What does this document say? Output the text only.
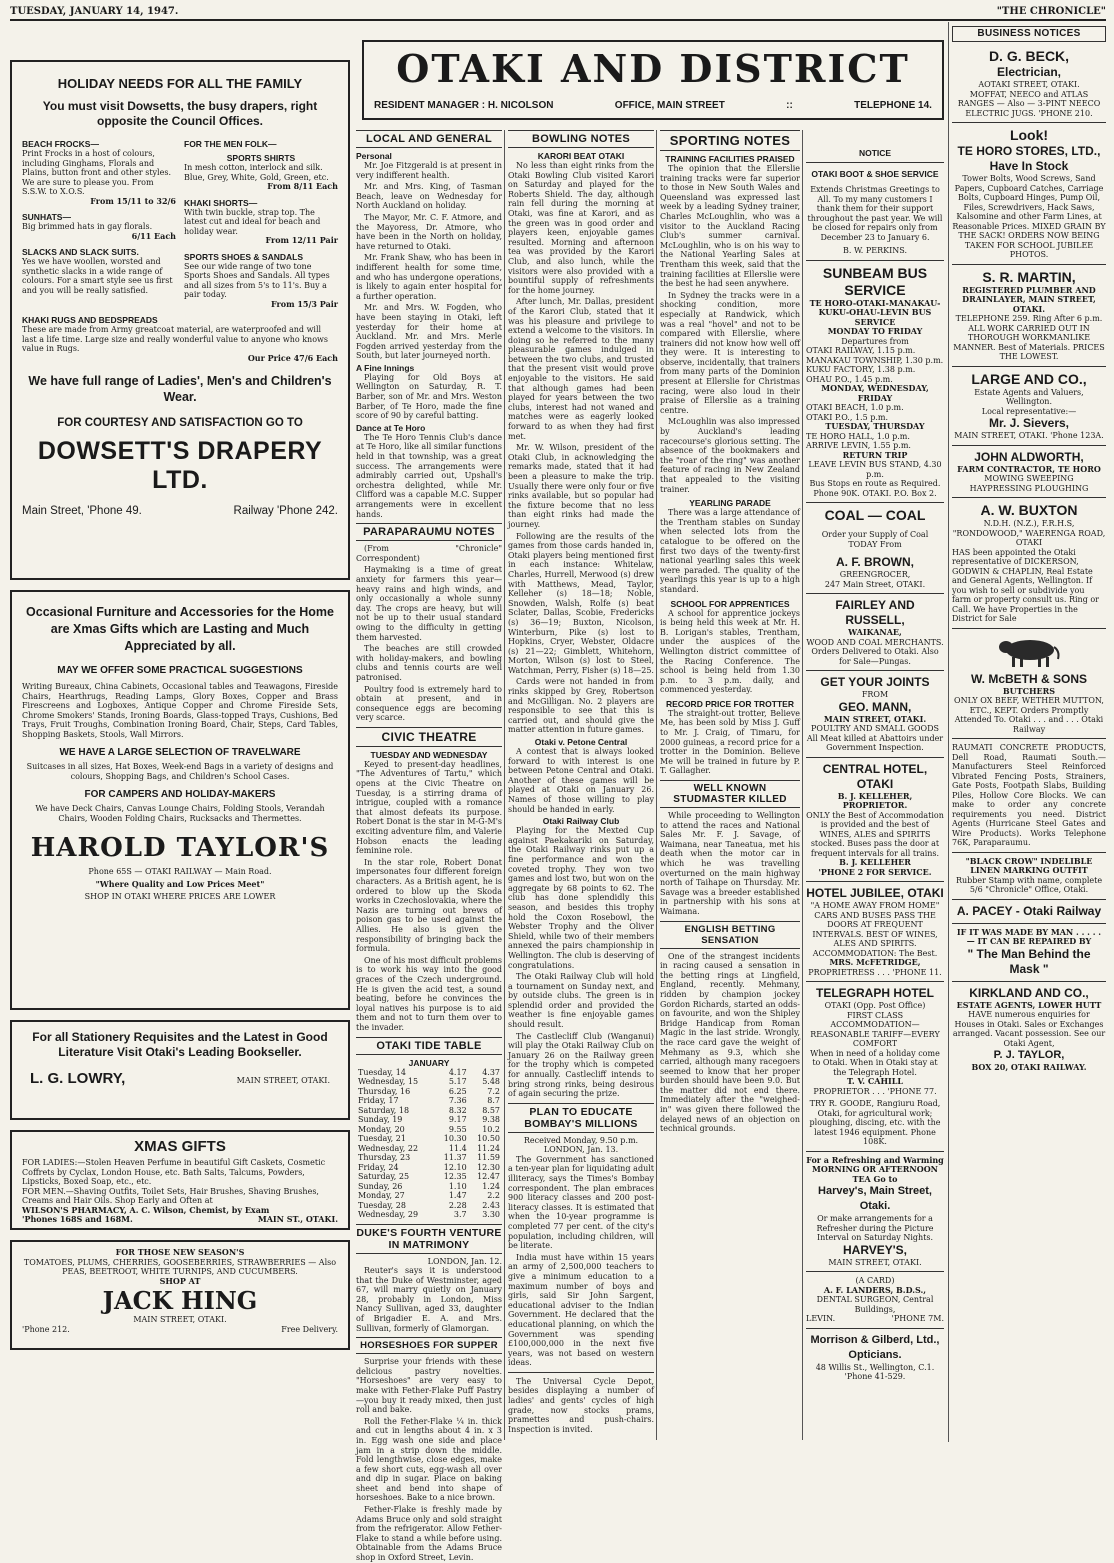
TUESDAY, JANUARY 14, 1947.	"THE CHRONICLE"
HOLIDAY NEEDS FOR ALL THE FAMILY
You must visit Dowsetts, the busy drapers, right opposite the Council Offices.
BEACH FROCKS—
Print Frocks in a host of colours, including Ginghams, Florals and Plains, button front and other styles. We are sure to please you. From S.S.W. to X.O.S.
From 15/11 to 32/6
SUNHATS—
Big brimmed hats in gay florals.
6/11 Each
SLACKS AND SLACK SUITS.
Yes we have woollen, worsted and synthetic slacks in a wide range of colours. For a smart style see us first and you will be really satisfied.
FOR THE MEN FOLK—
SPORTS SHIRTS
In mesh cotton, interlock and silk. Blue, Grey, White, Gold, Green, etc.
From 8/11 Each
KHAKI SHORTS—
With twin buckle, strap top. The latest cut and ideal for beach and holiday wear.
From 12/11 Pair
SPORTS SHOES & SANDALS
See our wide range of two tone Sports Shoes and Sandals. All types and all sizes from 5's to 11's. Buy a pair today.
From 15/3 Pair
KHAKI RUGS AND BEDSPREADS
These are made from Army greatcoat material, are waterproofed and will last a life time. Large size and really wonderful value to anyone who knows value in Rugs.
Our Price 47/6 Each
We have full range of Ladies', Men's and Children's Wear.
FOR COURTESY AND SATISFACTION GO TO
DOWSETT'S DRAPERY LTD.
Main Street, 'Phone 49.	Railway 'Phone 242.
Occasional Furniture and Accessories for the Home are Xmas Gifts which are Lasting and Much Appreciated by all.
MAY WE OFFER SOME PRACTICAL SUGGESTIONS
Writing Bureaux, China Cabinets, Occasional tables and Teawagons, Fireside Chairs, Hearthrugs, Reading Lamps, Glory Boxes, Copper and Brass Firescreens and Logboxes, Antique Copper and Chrome Fireside Sets, Chrome Smokers' Stands, Ironing Boards, Glass-topped Trays, Cushions, Bed Trays, Fruit Troughs, Combination Ironing Board, Chair, Steps, Card Tables, Shopping Baskets, Stools, Wall Mirrors.
WE HAVE A LARGE SELECTION OF TRAVELWARE
Suitcases in all sizes, Hat Boxes, Week-end Bags in a variety of designs and colours, Shopping Bags, and Children's School Cases.
FOR CAMPERS AND HOLIDAY-MAKERS
We have Deck Chairs, Canvas Lounge Chairs, Folding Stools, Verandah Chairs, Wooden Folding Chairs, Rucksacks and Thermettes.
HAROLD TAYLOR'S
Phone 65S — OTAKI RAILWAY — Main Road.
"Where Quality and Low Prices Meet"
SHOP IN OTAKI WHERE PRICES ARE LOWER
For all Stationery Requisites and the Latest in Good Literature Visit Otaki's Leading Bookseller.
L. G. LOWRY,	MAIN STREET, OTAKI.
XMAS GIFTS
FOR LADIES:—Stolen Heaven Perfume in beautiful Gift Caskets, Cosmetic Coffrets by Cyclax, London House, etc. Bath Salts, Talcums, Powders, Lipsticks, Boxed Soap, etc., etc.
FOR MEN.—Shaving Outfits, Toilet Sets, Hair Brushes, Shaving Brushes, Creams and Hair Oils. Shop Early and Often at
WILSON'S PHARMACY, A. C. Wilson, Chemist, by Exam
'Phones 168S and 168M.	MAIN ST., OTAKI.
FOR THOSE NEW SEASON'S
TOMATOES, PLUMS, CHERRIES, GOOSEBERRIES, STRAWBERRIES — Also
PEAS, BEETROOT, WHITE TURNIPS, AND CUCUMBERS.
SHOP AT
JACK HING
MAIN STREET, OTAKI.
'Phone 212.	Free Delivery.
OTAKI AND DISTRICT
RESIDENT MANAGER : H. NICOLSON	OFFICE, MAIN STREET	::	TELEPHONE 14.
LOCAL AND GENERAL
Personal
Mr. Joe Fitzgerald is at present in very indifferent health.
Mr. and Mrs. King, of Tasman Beach, leave on Wednesday for North Auckland on holiday.
The Mayor, Mr. C. F. Atmore, and the Mayoress, Dr. Atmore, who have been in the North on holiday, have returned to Otaki.
Mr. Frank Shaw, who has been in indifferent health for some time, and who has undergone operations, is likely to again enter hospital for a further operation.
Mr. and Mrs. W. Fogden, who have been staying in Otaki, left yesterday for their home at Auckland. Mr. and Mrs. Merle Fogden arrived yesterday from the South, but later journeyed north.
A Fine Innings
Playing for Old Boys at Wellington on Saturday, R. T. Barber, son of Mr. and Mrs. Weston Barber, of Te Horo, made the fine score of 90 by careful batting.
Dance at Te Horo
The Te Horo Tennis Club's dance at Te Horo, like all similar functions held in that township, was a great success. The arrangements were admirably carried out, Upshall's orchestra delighted, while Mr. Clifford was a capable M.C. Supper arrangements were in excellent hands.
PARAPARAUMU NOTES
(From "Chronicle" Correspondent)
Haymaking is a time of great anxiety for farmers this year—heavy rains and high winds, and only occasionally a whole sunny day. The crops are heavy, but will not be up to their usual standard owing to the difficulty in getting them harvested.
The beaches are still crowded with holiday-makers, and bowling clubs and tennis courts are well patronised.
Poultry food is extremely hard to obtain at present, and in consequence eggs are becoming very scarce.
CIVIC THEATRE
TUESDAY AND WEDNESDAY
Keyed to present-day headlines, "The Adventures of Tartu," which opens at the Civic Theatre on Tuesday, is a stirring drama of intrigue, coupled with a romance that almost defeats its purpose. Robert Donat is the star in M-G-M's exciting adventure film, and Valerie Hobson enacts the leading feminine role.
In the star role, Robert Donat impersonates four different foreign characters. As a British agent, he is ordered to blow up the Skoda works in Czechoslovakia, where the Nazis are turning out brews of poison gas to be used against the Allies. He also is given the responsibility of bringing back the formula.
One of his most difficult problems is to work his way into the good graces of the Czech underground. He is given the acid test, a sound beating, before he convinces the loyal natives his purpose is to aid them and not to turn them over to the invader.
OTAKI TIDE TABLE
JANUARY
Tuesday, 14	4.17	4.37
Wednesday, 15	5.17	5.48
Thursday, 16	6.25	7.2
Friday, 17	7.36	8.7
Saturday, 18	8.32	8.57
Sunday, 19	9.17	9.38
Monday, 20	9.55	10.2
Tuesday, 21	10.30	10.50
Wednesday, 22	11.4	11.24
Thursday, 23	11.37	11.59
Friday, 24	12.10	12.30
Saturday, 25	12.35	12.47
Sunday, 26	1.10	1.24
Monday, 27	1.47	2.2
Tuesday, 28	2.28	2.43
Wednesday, 29	3.7	3.30
DUKE'S FOURTH VENTURE IN MATRIMONY
LONDON, Jan. 12.
Reuter's says it is understood that the Duke of Westminster, aged 67, will marry quietly on January 28, probably in London, Miss Nancy Sullivan, aged 33, daughter of Brigadier E. A. and Mrs. Sullivan, formerly of Glamorgan.
HORSESHOES FOR SUPPER
Surprise your friends with these delicious pastry novelties. "Horseshoes" are very easy to make with Fether-Flake Puff Pastry—you buy it ready mixed, then just roll and bake.
Roll the Fether-Flake ¼ in. thick and cut in lengths about 4 in. x 3 in. Egg wash one side and place jam in a strip down the middle. Fold lengthwise, close edges, make a few short cuts, egg-wash all over and dip in sugar. Place on baking sheet and bend into shape of horseshoes. Bake to a nice brown.
Fether-Flake is freshly made by Adams Bruce only and sold straight from the refrigerator. Allow Fether-Flake to stand a while before using. Obtainable from the Adams Bruce shop in Oxford Street, Levin.
BOWLING NOTES
KARORI BEAT OTAKI
No less than eight rinks from the Otaki Bowling Club visited Karori on Saturday and played for the Roberts Shield. The day, although rain fell during the morning at Otaki, was fine at Karori, and as the green was in good order and players keen, enjoyable games resulted. Morning and afternoon tea was provided by the Karori Club, and also lunch, while the visitors were also provided with a bountiful supply of refreshments for the home journey.
After lunch, Mr. Dallas, president of the Karori Club, stated that it was his pleasure and privilege to extend a welcome to the visitors. In doing so he referred to the many pleasurable games indulged in between the two clubs, and trusted that the present visit would prove enjoyable to the visitors. He said that although games had been played for years between the two clubs, interest had not waned and matches were as eagerly looked forward to as when they had first met.
Mr. W. Wilson, president of the Otaki Club, in acknowledging the remarks made, stated that it had been a pleasure to make the trip. Usually there were only four or five rinks available, but so popular had the fixture become that no less than eight rinks had made the journey.
Following are the results of the games from those cards handed in, Otaki players being mentioned first in each instance: Whitelaw, Charles, Hurrell, Merwood (s) drew with Matthews, Mead, Taylor, Kelleher (s) 18—18; Noble, Snowden, Walsh, Rolfe (s) beat Sclater, Dallas, Scobie, Fredericks (s) 36—19; Buxton, Nicolson, Winterburn, Pike (s) lost to Hopkins, Cryer, Webster, Oldacre (s) 21—22; Gimblett, Whitehorn, Morton, Wilson (s) lost to Steel, Watchman, Perry, Fisher (s) 18—25.
Cards were not handed in from rinks skipped by Grey, Robertson and McGilligan. No. 2 players are responsible to see that this is carried out, and should give the matter attention in future games.
Otaki v. Petone Central
A contest that is always looked forward to with interest is one between Petone Central and Otaki. Another of these games will be played at Otaki on January 26. Names of those willing to play should be handed in early.
Otaki Railway Club
Playing for the Mexted Cup against Paekakariki on Saturday, the Otaki Railway rinks put up a fine performance and won the coveted trophy. They won two games and lost two, but won on the aggregate by 68 points to 62. The club has done splendidly this season, and besides this trophy hold the Coxon Rosebowl, the Webster Trophy and the Oliver Shield, while two of their members annexed the pairs championship in Wellington. The club is deserving of congratulations.
The Otaki Railway Club will hold a tournament on Sunday next, and by outside clubs. The green is in splendid order and provided the weather is fine enjoyable games should result.
The Castlecliff Club (Wanganui) will play the Otaki Railway Club on January 26 on the Railway green for the trophy which is competed for annually. Castlecliff intends to bring strong rinks, being desirous of again securing the prize.
PLAN TO EDUCATE BOMBAY'S MILLIONS
Received Monday, 9.50 p.m. LONDON, Jan. 13.
The Government has sanctioned a ten-year plan for liquidating adult illiteracy, says the Times's Bombay correspondent. The plan embraces 900 literacy classes and 200 post-literacy classes. It is estimated that when the 10-year programme is completed 77 per cent. of the city's population, including children, will be literate.
India must have within 15 years an army of 2,500,000 teachers to give a minimum education to a maximum number of boys and girls, said Sir John Sargent, educational adviser to the Indian Government. He declared that the educational planning, on which the Government was spending £100,000,000 in the next five years, was not based on western ideas.
The Universal Cycle Depot, besides displaying a number of ladies' and gents' cycles of high grade, now stocks prams, pramettes and push-chairs. Inspection is invited.
SPORTING NOTES
TRAINING FACILITIES PRAISED
The opinion that the Ellerslie training tracks were far superior to those in New South Wales and Queensland was expressed last week by a leading Sydney trainer, Charles McLoughlin, who was a visitor to the Auckland Racing Club's summer carnival. McLoughlin, who is on his way to the National Yearling Sales at Trentham this week, said that the training facilities at Ellerslie were the best he had seen anywhere.
In Sydney the tracks were in a shocking condition, more especially at Randwick, which was a real "hovel" and not to be compared with Ellerslie, where trainers did not know how well off they were. It is interesting to observe, incidentally, that trainers from many parts of the Dominion present at Ellerslie for Christmas racing, were also loud in their praise of Ellerslie as a training centre.
McLoughlin was also impressed by Auckland's leading racecourse's glorious setting. The absence of the bookmakers and the "roar of the ring" was another feature of racing in New Zealand that appealed to the visiting trainer.
YEARLING PARADE
There was a large attendance of the Trentham stables on Sunday when selected lots from the catalogue to be offered on the first two days of the twenty-first national yearling sales this week were paraded. The quality of the yearlings this year is up to a high standard.
SCHOOL FOR APPRENTICES
A school for apprentice jockeys is being held this week at Mr. H. B. Lorigan's stables, Trentham, under the auspices of the Wellington district committee of the Racing Conference. The school is being held from 1.30 p.m. to 3 p.m. daily, and commenced yesterday.
RECORD PRICE FOR TROTTER
The straight-out trotter, Believe Me, has been sold by Miss J. Guff to Mr. J. Craig, of Timaru, for 2000 guineas, a record price for a trotter in the Dominion. Believe Me will be trained in future by P. T. Gallagher.
WELL KNOWN STUDMASTER KILLED
While proceeding to Wellington to attend the races and National Sales Mr. F. J. Savage, of Waimana, near Taneatua, met his death when the motor car in which he was travelling overturned on the main highway north of Taihape on Thursday. Mr. Savage was a breeder established in partnership with his sons at Waimana.
ENGLISH BETTING SENSATION
One of the strangest incidents in racing caused a sensation in the betting rings at Lingfield, England, recently. Mehmany, ridden by champion jockey Gordon Richards, started an odds-on favourite, and won the Shipley Bridge Handicap from Roman Magic in the last stride. Wrongly, the race card gave the weight of Mehmany as 9.3, which she carried, although many racegoers seemed to know that her proper burden should have been 9.0. But the matter did not end there. Immediately after the "weighed-in" was given there followed the delayed news of an objection on technical grounds.
NOTICE
OTAKI BOOT & SHOE SERVICE
Extends Christmas Greetings to All. To my many customers I thank them for their support throughout the past year. We will be closed for repairs only from December 23 to January 6.
B. W. PERKINS.
SUNBEAM BUS SERVICE
TE HORO-OTAKI-MANAKAU-KUKU-OHAU-LEVIN BUS SERVICE
MONDAY TO FRIDAY
Departures from
OTAKI RAILWAY, 1.15 p.m.
MANAKAU TOWNSHIP, 1.30 p.m.
KUKU FACTORY, 1.38 p.m.
OHAU P.O., 1.45 p.m.
MONDAY, WEDNESDAY, FRIDAY
OTAKI BEACH, 1.0 p.m.
OTAKI P.O., 1.5 p.m.
TUESDAY, THURSDAY
TE HORO HALL, 1.0 p.m.
ARRIVE LEVIN, 1.55 p.m.
RETURN TRIP
LEAVE LEVIN BUS STAND, 4.30 p.m.
Bus Stops en route as Required.
Phone 90K. OTAKI. P.O. Box 2.
COAL — COAL
Order your Supply of Coal TODAY From
A. F. BROWN,
GREENGROCER,
247 Main Street, OTAKI.
FAIRLEY AND RUSSELL,
WAIKANAE,
WOOD AND COAL MERCHANTS. Orders Delivered to Otaki. Also for Sale—Pungas.
GET YOUR JOINTS
FROM
GEO. MANN,
MAIN STREET, OTAKI.
POULTRY AND SMALL GOODS
All Meat killed at Abattoirs under Government Inspection.
CENTRAL HOTEL, OTAKI
B. J. KELLEHER, PROPRIETOR.
ONLY the Best of Accommodation is provided and the best of WINES, ALES and SPIRITS stocked. Buses pass the door at frequent intervals for all trains.
B. J. KELLEHER
'PHONE 2 FOR SERVICE.
HOTEL JUBILEE, OTAKI
"A HOME AWAY FROM HOME"
CARS AND BUSES PASS THE DOORS AT FREQUENT INTERVALS. BEST OF WINES, ALES AND SPIRITS.
ACCOMMODATION: The Best.
MRS. McFETRIDGE,
PROPRIETRESS . . . 'PHONE 11.
TELEGRAPH HOTEL
OTAKI (Opp. Post Office)
FIRST CLASS ACCOMMODATION—REASONABLE TARIFF—EVERY COMFORT
When in need of a holiday come to Otaki. When in Otaki stay at the Telegraph Hotel.
T. V. CAHILL
PROPRIETOR . . . 'PHONE 77.
TRY R. GOODE, Rangiuru Road, Otaki, for agricultural work; ploughing, discing, etc. with the latest 1946 equipment. Phone 108K.
For a Refreshing and Warming MORNING OR AFTERNOON TEA Go to
Harvey's, Main Street, Otaki.
Or make arrangements for a Refresher during the Picture Interval on Saturday Nights.
HARVEY'S,
MAIN STREET, OTAKI.
(A CARD)
A. F. LANDERS, B.D.S.,
DENTAL SURGEON, Central Buildings,
LEVIN.	'PHONE 7M.
Morrison & Gilberd, Ltd., Opticians.
48 Willis St., Wellington, C.1.
'Phone 41-529.
BUSINESS NOTICES
D. G. BECK,
Electrician,
AOTAKI STREET, OTAKI.
MOFFAT, NEECO and ATLAS RANGES — Also — 3-PINT NEECO ELECTRIC JUGS. 'PHONE 210.
Look!
TE HORO STORES, LTD.,
Have In Stock
Tower Bolts, Wood Screws, Sand Papers, Cupboard Catches, Carriage Bolts, Cupboard Hinges, Pump Oil, Files, Screwdrivers, Hack Saws, Kalsomine and other Farm Lines, at Reasonable Prices. MIXED GRAIN BY THE SACK! ORDERS NOW BEING TAKEN FOR SCHOOL JUBILEE PHOTOS.
S. R. MARTIN,
REGISTERED PLUMBER AND DRAINLAYER, MAIN STREET, OTAKI.
TELEPHONE 259. Ring After 6 p.m.
ALL WORK CARRIED OUT IN THOROUGH WORKMANLIKE MANNER. Best of Materials. PRICES THE LOWEST.
LARGE AND CO.,
Estate Agents and Valuers, Wellington.
Local representative:—
Mr. J. Sievers,
MAIN STREET, OTAKI. 'Phone 123A.
JOHN ALDWORTH,
FARM CONTRACTOR, TE HORO
MOWING SWEEPING HAYPRESSING PLOUGHING
A. W. BUXTON
N.D.H. (N.Z.), F.R.H.S, "RONDOWOOD," WAERENGA ROAD, OTAKI
HAS been appointed the Otaki representative of DICKERSON, GODWIN & CHAPLIN, Real Estate and General Agents, Wellington. If you wish to sell or subdivide you farm or property consult us. Ring or Call. We have Properties in the District for Sale
W. McBETH & SONS
BUTCHERS
ONLY OX BEEF, WETHER MUTTON, ETC., KEPT. Orders Promptly Attended To. Otaki . . . and . . . Otaki Railway
RAUMATI CONCRETE PRODUCTS, Dell Road, Raumati South.— Manufacturers Steel Reinforced Vibrated Fencing Posts, Strainers, Gate Posts, Footpath Slabs, Building Piles, Hollow Core Blocks. We can make to order any concrete requirements you need. District Agents (Hurricane Steel Gates and Wire Products). Works Telephone 76K, Paraparaumu.
"BLACK CROW" INDELIBLE LINEN MARKING OUTFIT
Rubber Stamp with name, complete 5/6 "Chronicle" Office, Otaki.
A. PACEY - Otaki Railway
IF IT WAS MADE BY MAN . . . . .
— IT CAN BE REPAIRED BY
" The Man Behind the Mask "
KIRKLAND AND CO.,
ESTATE AGENTS, LOWER HUTT
HAVE numerous enquiries for Houses in Otaki. Sales or Exchanges arranged. Vacant possession. See our Otaki Agent,
P. J. TAYLOR,
BOX 20, OTAKI RAILWAY.
